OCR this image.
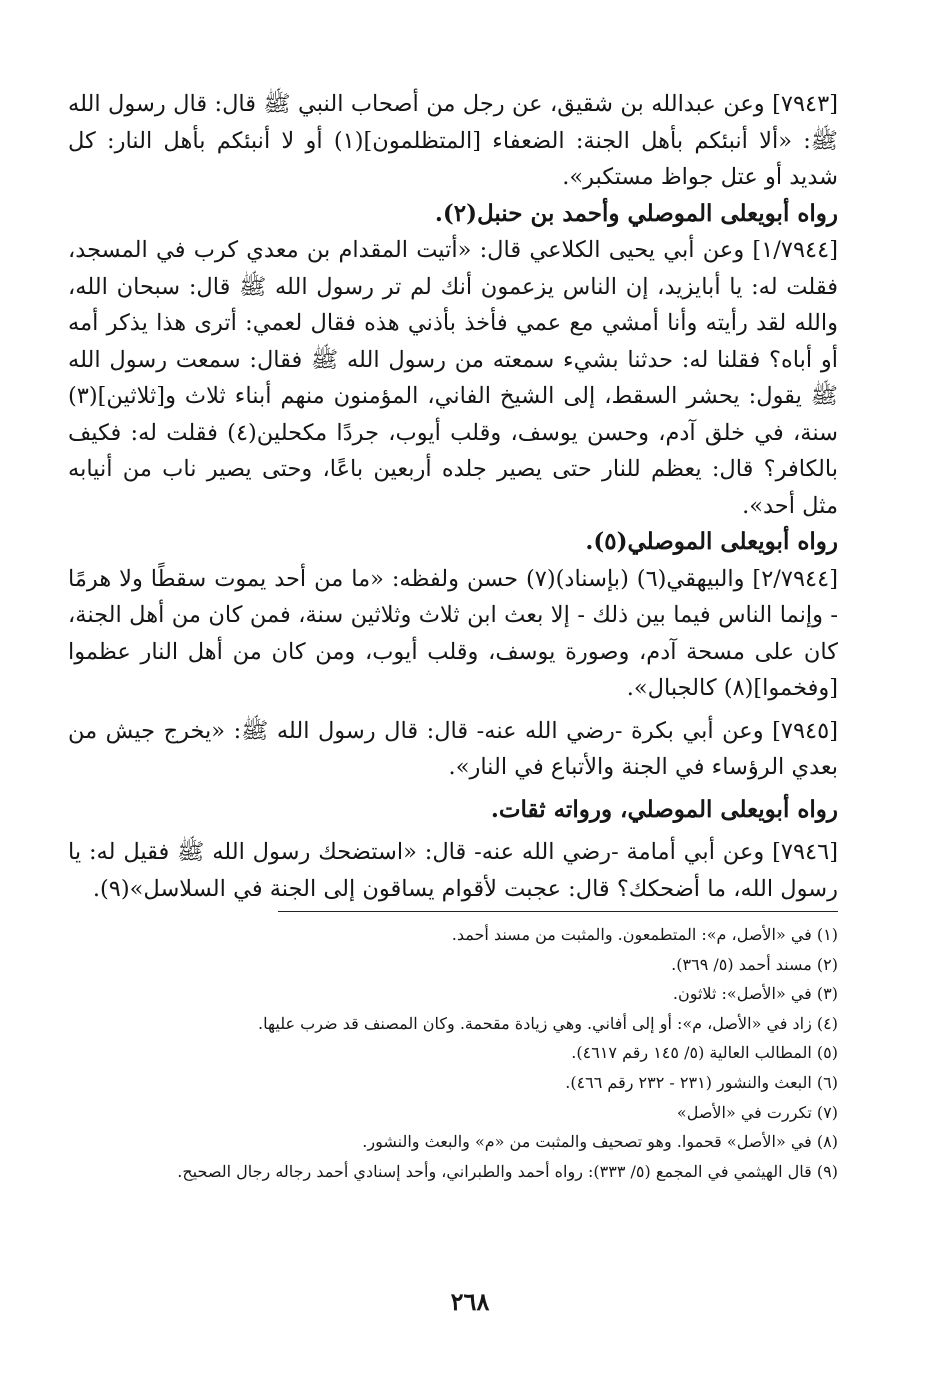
[٧٩٤٣] وعن عبدالله بن شقيق، عن رجل من أصحاب النبي ﷺ قال: قال رسول الله ﷺ: «ألا أنبئكم بأهل الجنة: الضعفاء [المتظلمون](١) أو لا أنبئكم بأهل النار: كل شديد أو عتل جواظ مستكبر».

رواه أبويعلى الموصلي وأحمد بن حنبل(٢).

[١/٧٩٤٤] وعن أبي يحيى الكلاعي قال: «أتيت المقدام بن معدي كرب في المسجد، فقلت له: يا أبايزيد، إن الناس يزعمون أنك لم تر رسول الله ﷺ قال: سبحان الله، والله لقد رأيته وأنا أمشي مع عمي فأخذ بأذني هذه فقال لعمي: أترى هذا يذكر أمه أو أباه؟ فقلنا له: حدثنا بشيء سمعته من رسول الله ﷺ فقال: سمعت رسول الله ﷺ يقول: يحشر السقط، إلى الشيخ الفاني، المؤمنون منهم أبناء ثلاث و[ثلاثين](٣) سنة، في خلق آدم، وحسن يوسف، وقلب أيوب، جردًا مكحلين(٤) فقلت له: فكيف بالكافر؟ قال: يعظم للنار حتى يصير جلده أربعين باعًا، وحتى يصير ناب من أنيابه مثل أحد».

رواه أبويعلى الموصلي(٥).

[٢/٧٩٤٤] والبيهقي(٦) (بإسناد)(٧) حسن ولفظه: «ما من أحد يموت سقطًا ولا هرمًا - وإنما الناس فيما بين ذلك - إلا بعث ابن ثلاث وثلاثين سنة، فمن كان من أهل الجنة، كان على مسحة آدم، وصورة يوسف، وقلب أيوب، ومن كان من أهل النار عظموا [وفخموا](٨) كالجبال».

[٧٩٤٥] وعن أبي بكرة -رضي الله عنه- قال: قال رسول الله ﷺ: «يخرج جيش من بعدي الرؤساء في الجنة والأتباع في النار».

رواه أبويعلى الموصلي، ورواته ثقات.

[٧٩٤٦] وعن أبي أمامة -رضي الله عنه- قال: «استضحك رسول الله ﷺ فقيل له: يا رسول الله، ما أضحكك؟ قال: عجبت لأقوام يساقون إلى الجنة في السلاسل»(٩).

(١) في «الأصل، م»: المتطمعون. والمثبت من مسند أحمد.

(٢) مسند أحمد (٥/ ٣٦٩).

(٣) في «الأصل»: ثلاثون.

(٤) زاد في «الأصل، م»: أو إلى أفاني. وهي زيادة مقحمة. وكان المصنف قد ضرب عليها.

(٥) المطالب العالية (٥/ ١٤٥ رقم ٤٦١٧).

(٦) البعث والنشور (٢٣١ - ٢٣٢ رقم ٤٦٦).

(٧) تكررت في «الأصل»

(٨) في «الأصل» قحموا. وهو تصحيف والمثبت من «م» والبعث والنشور.

(٩) قال الهيثمي في المجمع (٥/ ٣٣٣): رواه أحمد والطبراني، وأحد إسنادي أحمد رجاله رجال الصحيح.

٢٦٨
